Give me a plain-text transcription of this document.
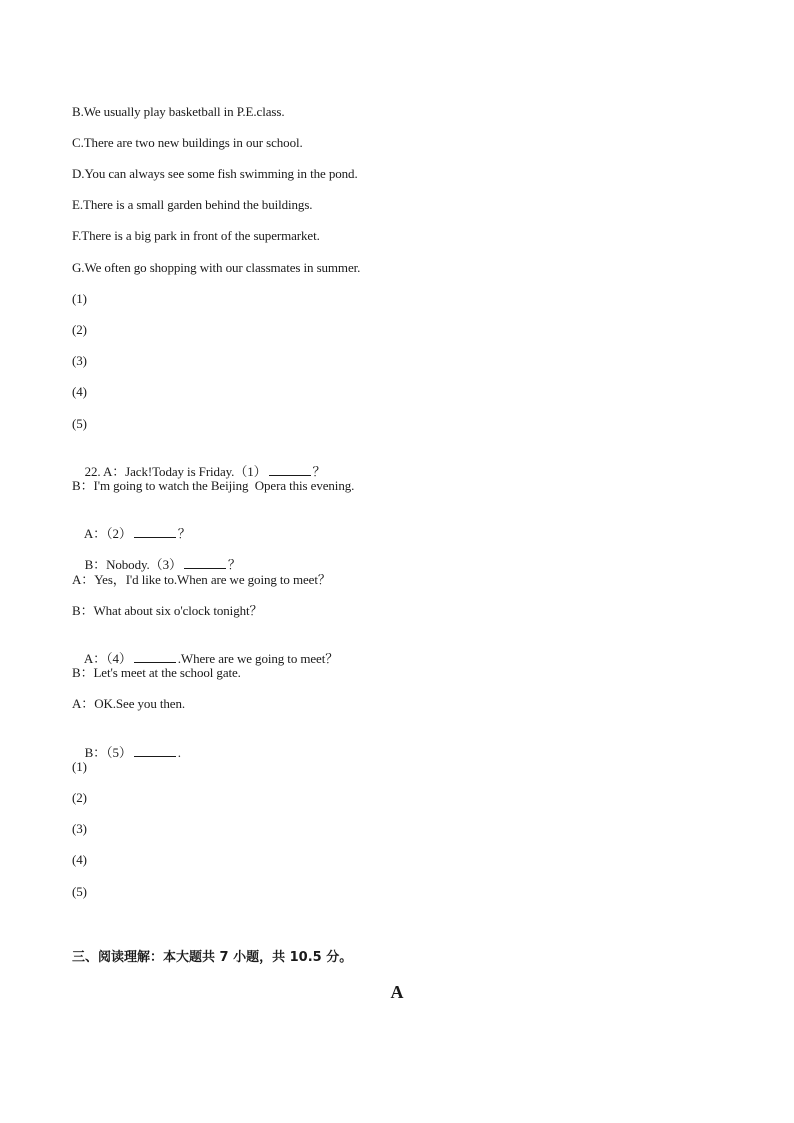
B.We usually play basketball in P.E.class.
C.There are two new buildings in our school.
D.You can always see some fish swimming in the pond.
E.There is a small garden behind the buildings.
F.There is a big park in front of the supermarket.
G.We often go shopping with our classmates in summer.
(1)
(2)
(3)
(4)
(5)

22. A：Jack!Today is Friday.（1）	？

B：I'm going to watch the Beijing  Opera this evening.

A：（2）	？

B：Nobody.（3）	？

A：Yes，I'd like to.When are we going to meet？
B：What about six o'clock tonight？

A：（4）	.Where are we going to meet？

B：Let's meet at the school gate.
A：OK.See you then.

B：（5）	.

(1)
(2)
(3)
(4)
(5)
三、阅读理解：本大题共 7 小题，共 10.5 分。
A
